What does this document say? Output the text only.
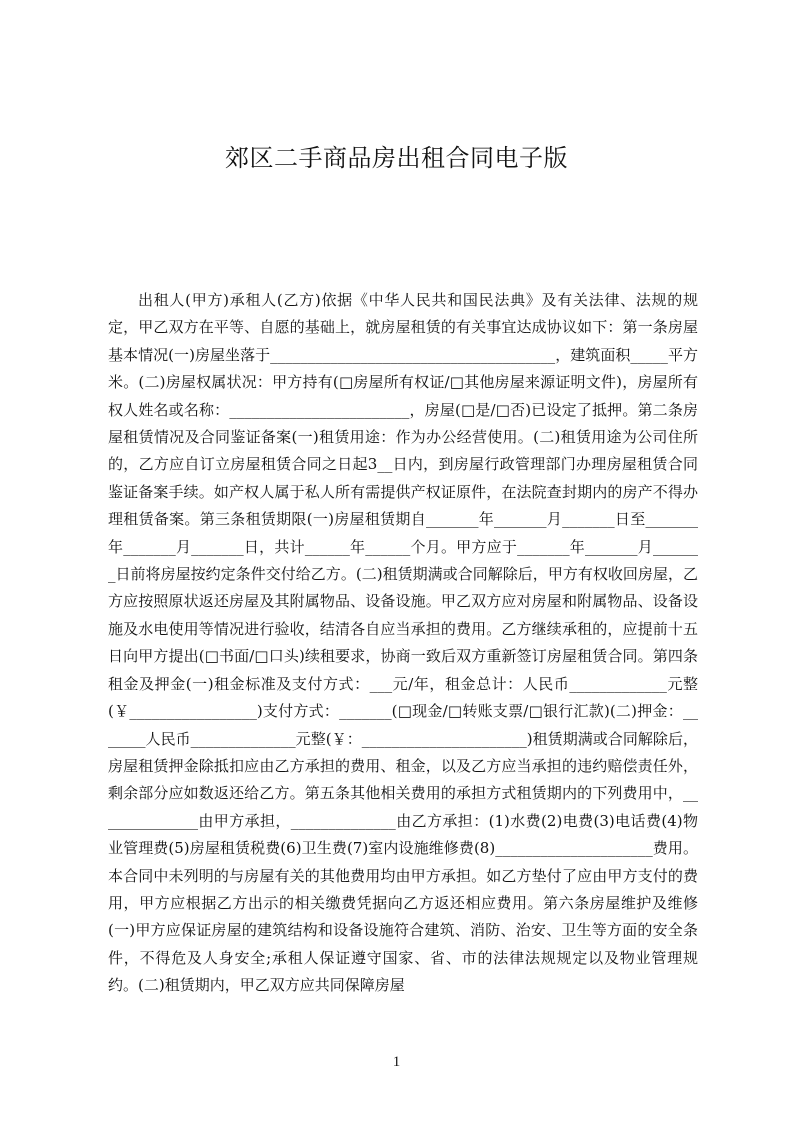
郊区二手商品房出租合同电子版

出租人(甲方)承租人(乙方)依据《中华人民共和国民法典》及有关法律、法规的规定，甲乙双方在平等、自愿的基础上，就房屋租赁的有关事宜达成协议如下：第一条房屋基本情况(一)房屋坐落于______________________________________，建筑面积_____平方米。(二)房屋权属状况：甲方持有(□房屋所有权证/□其他房屋来源证明文件)，房屋所有权人姓名或名称：________________________，房屋(□是/□否)已设定了抵押。第二条房屋租赁情况及合同鉴证备案(一)租赁用途：作为办公经营使用。(二)租赁用途为公司住所的，乙方应自订立房屋租赁合同之日起3__日内，到房屋行政管理部门办理房屋租赁合同鉴证备案手续。如产权人属于私人所有需提供产权证原件，在法院查封期内的房产不得办理租赁备案。第三条租赁期限(一)房屋租赁期自_______年_______月_______日至_______年_______月_______日，共计______年______个月。甲方应于_______年_______月_______日前将房屋按约定条件交付给乙方。(二)租赁期满或合同解除后，甲方有权收回房屋，乙方应按照原状返还房屋及其附属物品、设备设施。甲乙双方应对房屋和附属物品、设备设施及水电使用等情况进行验收，结清各自应当承担的费用。乙方继续承租的，应提前十五日向甲方提出(□书面/□口头)续租要求，协商一致后双方重新签订房屋租赁合同。第四条租金及押金(一)租金标准及支付方式：___元/年，租金总计：人民币_____________元整(￥_________________)支付方式：_______(□现金/□转账支票/□银行汇款)(二)押金：_______人民币______________元整(￥：______________________)租赁期满或合同解除后，房屋租赁押金除抵扣应由乙方承担的费用、租金，以及乙方应当承担的违约赔偿责任外，剩余部分应如数返还给乙方。第五条其他相关费用的承担方式租赁期内的下列费用中，______________由甲方承担，______________由乙方承担：(1)水费(2)电费(3)电话费(4)物业管理费(5)房屋租赁税费(6)卫生费(7)室内设施维修费(8)_____________________费用。本合同中未列明的与房屋有关的其他费用均由甲方承担。如乙方垫付了应由甲方支付的费用，甲方应根据乙方出示的相关缴费凭据向乙方返还相应费用。第六条房屋维护及维修(一)甲方应保证房屋的建筑结构和设备设施符合建筑、消防、治安、卫生等方面的安全条件，不得危及人身安全;承租人保证遵守国家、省、市的法律法规规定以及物业管理规约。(二)租赁期内，甲乙双方应共同保障房屋

1
